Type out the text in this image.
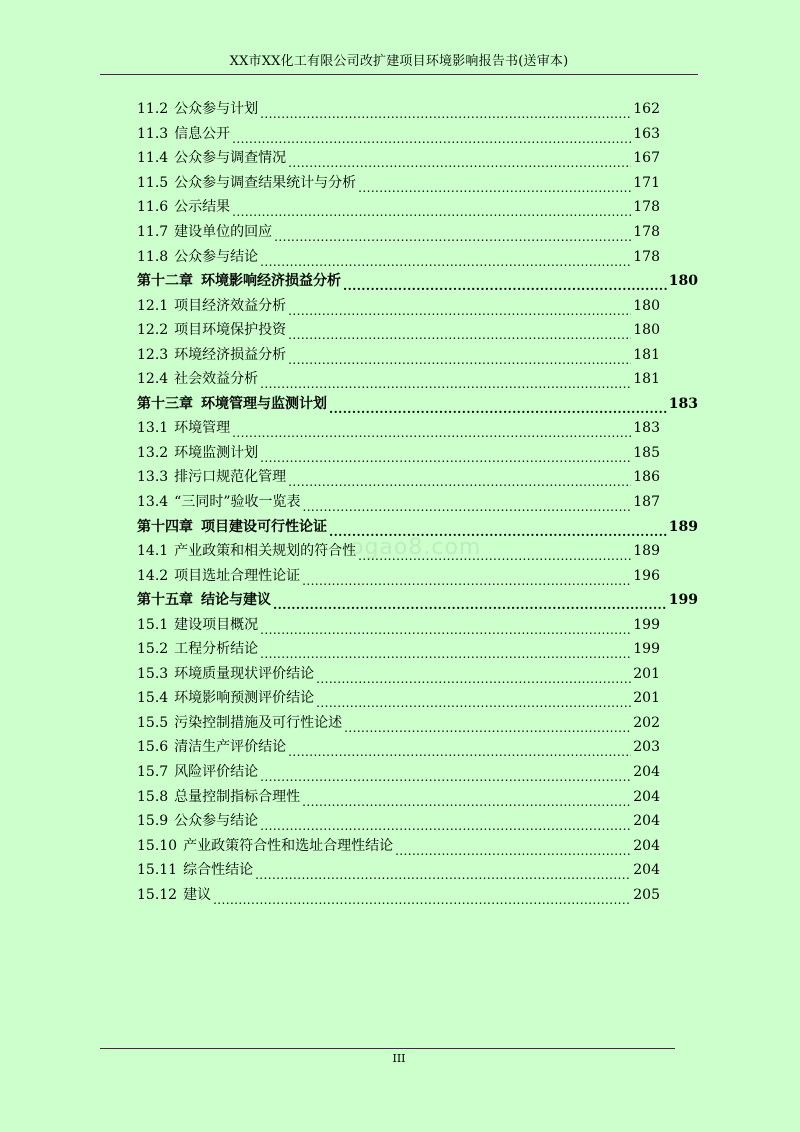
XX市XX化工有限公司改扩建项目环境影响报告书(送审本)
ogao8.com
11.2 公众参与计划 .....	162
11.3 信息公开 .....	163
11.4 公众参与调查情况 .....	167
11.5 公众参与调查结果统计与分析 .....	171
11.6 公示结果 .....	178
11.7 建设单位的回应 .....	178
11.8 公众参与结论 .....	178
第十二章 环境影响经济损益分析 .....	180
12.1 项目经济效益分析 .....	180
12.2 项目环境保护投资 .....	180
12.3 环境经济损益分析 .....	181
12.4 社会效益分析 .....	181
第十三章 环境管理与监测计划 .....	183
13.1 环境管理 .....	183
13.2 环境监测计划 .....	185
13.3 排污口规范化管理 .....	186
13.4 “三同时”验收一览表 .....	187
第十四章 项目建设可行性论证 .....	189
14.1 产业政策和相关规划的符合性 .....	189
14.2 项目选址合理性论证 .....	196
第十五章 结论与建议 .....	199
15.1 建设项目概况 .....	199
15.2 工程分析结论 .....	199
15.3 环境质量现状评价结论 .....	201
15.4 环境影响预测评价结论 .....	201
15.5 污染控制措施及可行性论述 .....	202
15.6 清洁生产评价结论 .....	203
15.7 风险评价结论 .....	204
15.8 总量控制指标合理性 .....	204
15.9 公众参与结论 .....	204
15.10 产业政策符合性和选址合理性结论 .....	204
15.11 综合性结论 .....	204
15.12 建议 .....	205
III
